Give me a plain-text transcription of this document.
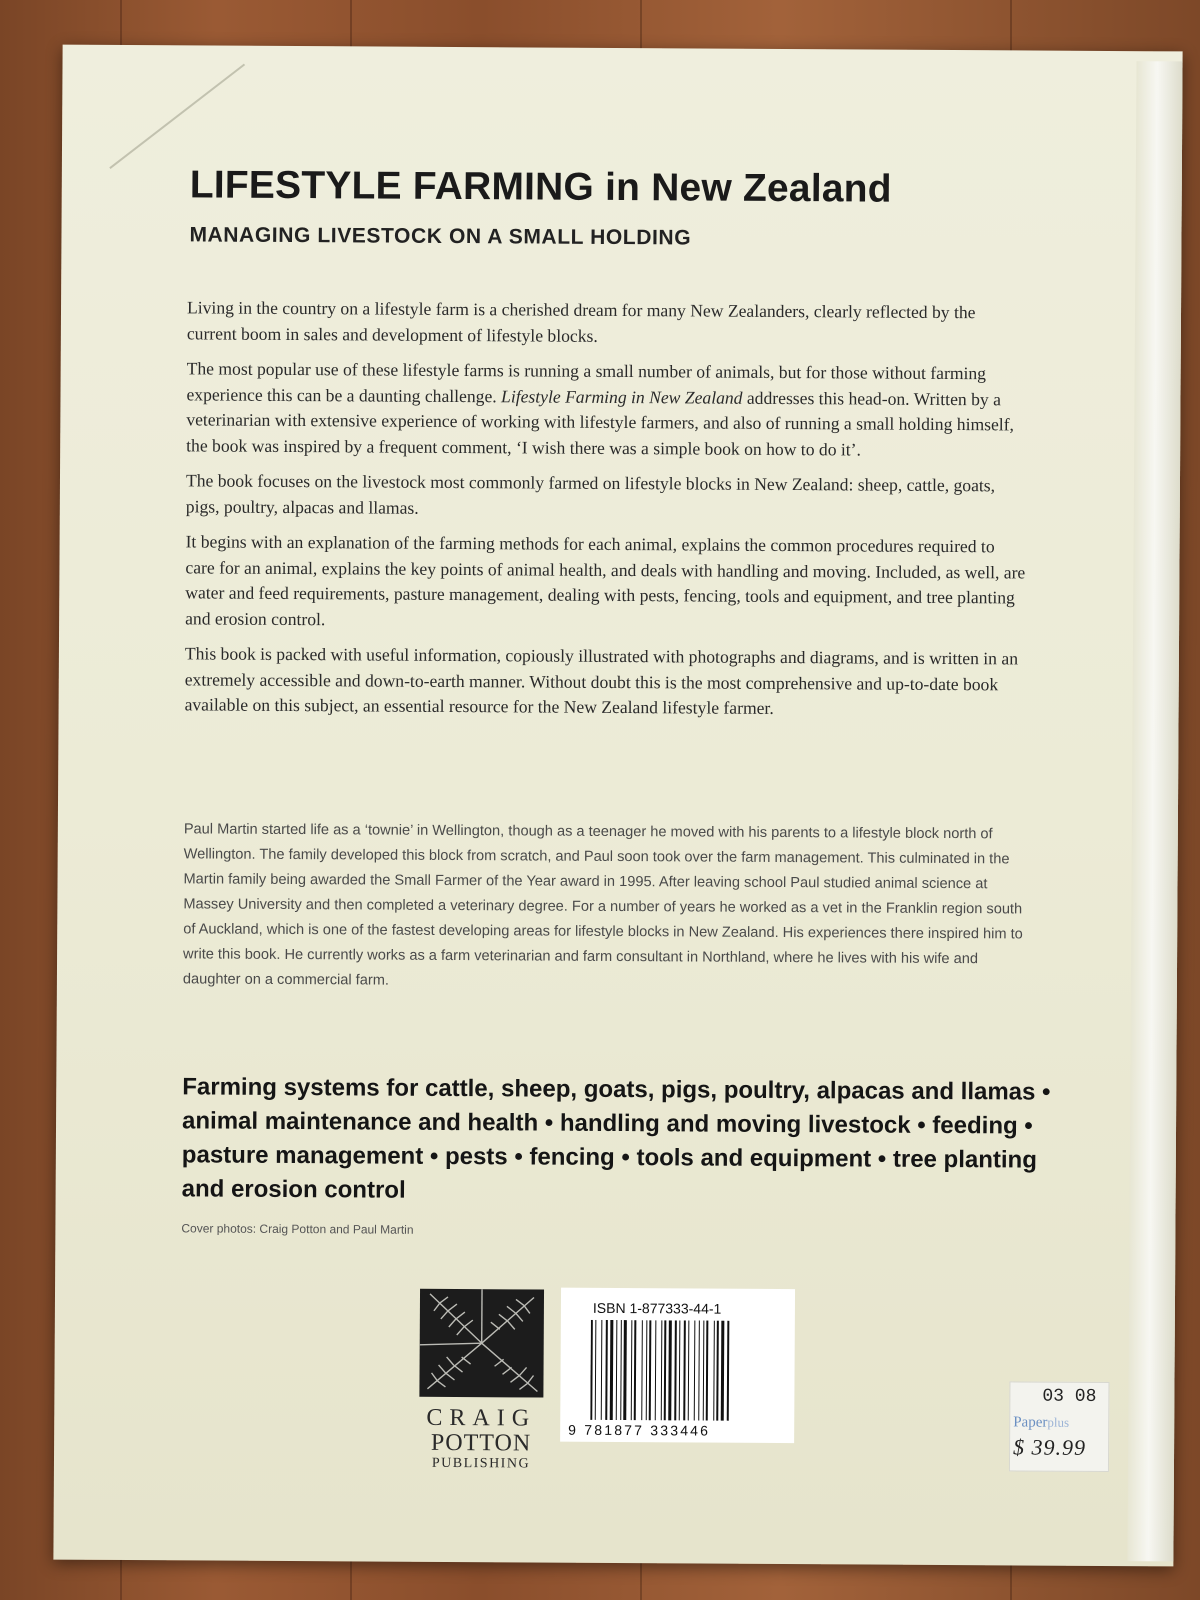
LIFESTYLE FARMING in New Zealand
MANAGING LIVESTOCK ON A SMALL HOLDING

Living in the country on a lifestyle farm is a cherished dream for many New Zealanders, clearly reflected by the current boom in sales and development of lifestyle blocks.

The most popular use of these lifestyle farms is running a small number of animals, but for those without farming experience this can be a daunting challenge. Lifestyle Farming in New Zealand addresses this head-on. Written by a veterinarian with extensive experience of working with lifestyle farmers, and also of running a small holding himself, the book was inspired by a frequent comment, ‘I wish there was a simple book on how to do it’.

The book focuses on the livestock most commonly farmed on lifestyle blocks in New Zealand: sheep, cattle, goats, pigs, poultry, alpacas and llamas.

It begins with an explanation of the farming methods for each animal, explains the common procedures required to care for an animal, explains the key points of animal health, and deals with handling and moving. Included, as well, are water and feed requirements, pasture management, dealing with pests, fencing, tools and equipment, and tree planting and erosion control.

This book is packed with useful information, copiously illustrated with photographs and diagrams, and is written in an extremely accessible and down-to-earth manner. Without doubt this is the most comprehensive and up-to-date book available on this subject, an essential resource for the New Zealand lifestyle farmer.

Paul Martin started life as a ‘townie’ in Wellington, though as a teenager he moved with his parents to a lifestyle block north of Wellington. The family developed this block from scratch, and Paul soon took over the farm management. This culminated in the Martin family being awarded the Small Farmer of the Year award in 1995. After leaving school Paul studied animal science at Massey University and then completed a veterinary degree. For a number of years he worked as a vet in the Franklin region south of Auckland, which is one of the fastest developing areas for lifestyle blocks in New Zealand. His experiences there inspired him to write this book. He currently works as a farm veterinarian and farm consultant in Northland, where he lives with his wife and daughter on a commercial farm.

Farming systems for cattle, sheep, goats, pigs, poultry, alpacas and llamas • animal maintenance and health • handling and moving livestock • feeding • pasture management • pests • fencing • tools and equipment • tree planting and erosion control

Cover photos: Craig Potton and Paul Martin
CRAIG
POTTON
PUBLISHING
ISBN 1-877333-44-1
9 781877 333446
03 08
Paperplus
$ 39.99
